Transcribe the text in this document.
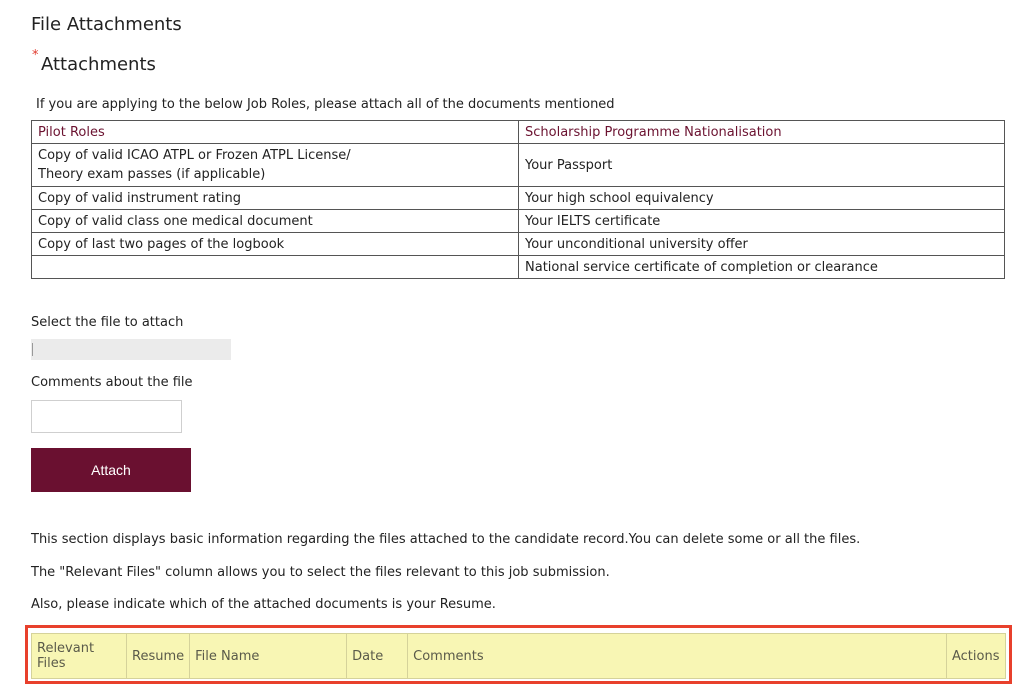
File Attachments
* Attachments
If you are applying to the below Job Roles, please attach all of the documents mentioned
Pilot Roles	Scholarship Programme Nationalisation
Copy of valid ICAO ATPL or Frozen ATPL License/
Theory exam passes (if applicable)	Your Passport
Copy of valid instrument rating	Your high school equivalency
Copy of valid class one medical document	Your IELTS certificate
Copy of last two pages of the logbook	Your unconditional university offer
	National service certificate of completion or clearance
Select the file to attach
Comments about the file
Attach
This section displays basic information regarding the files attached to the candidate record.You can delete some or all the files.
The "Relevant Files" column allows you to select the files relevant to this job submission.
Also, please indicate which of the attached documents is your Resume.
Relevant Files	Resume	File Name	Date	Comments	Actions
